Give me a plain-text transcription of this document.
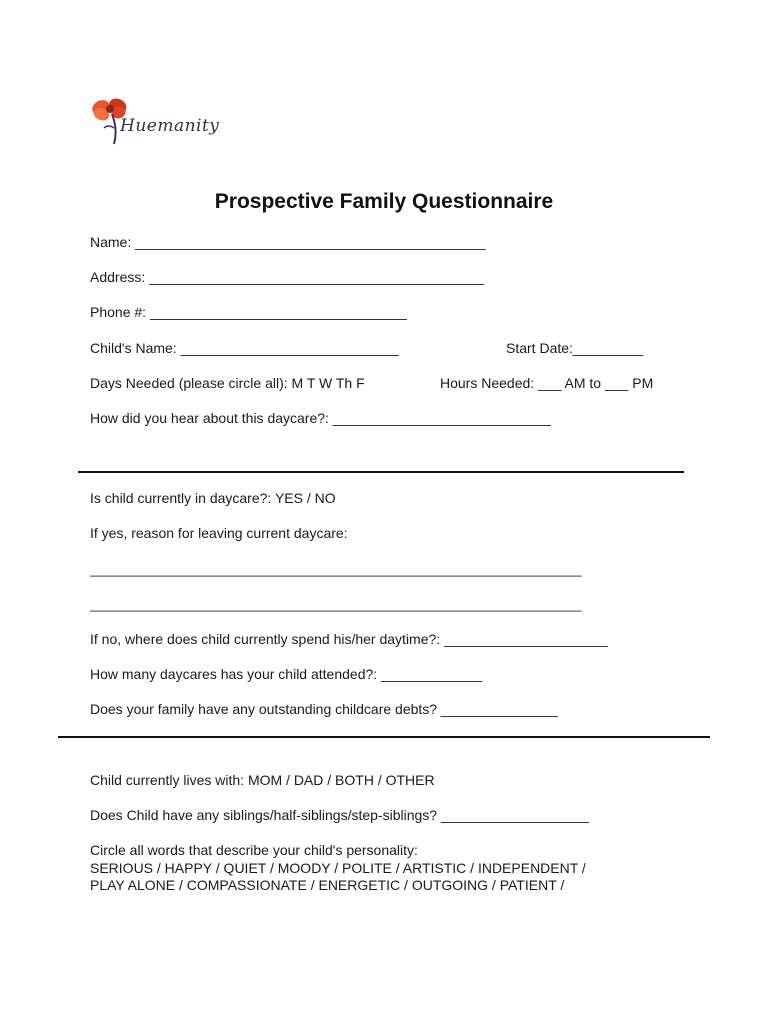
Huemanity
Prospective Family Questionnaire
Name: _____________________________________________
Address: ___________________________________________
Phone #: _________________________________
Child's Name: ____________________________	Start Date:_________
Days Needed (please circle all): M T W Th F	Hours Needed: ___ AM to ___ PM
How did you hear about this daycare?: ____________________________
Is child currently in daycare?: YES / NO
If yes, reason for leaving current daycare:
____________________________________________________________________
____________________________________________________________________
If no, where does child currently spend his/her daytime?: _____________________
How many daycares has your child attended?: _____________
Does your family have any outstanding childcare debts? _______________
Child currently lives with: MOM / DAD / BOTH / OTHER
Does Child have any siblings/half-siblings/step-siblings? ___________________
Circle all words that describe your child's personality:
SERIOUS / HAPPY / QUIET / MOODY / POLITE / ARTISTIC / INDEPENDENT /
PLAY ALONE / COMPASSIONATE / ENERGETIC / OUTGOING / PATIENT /
